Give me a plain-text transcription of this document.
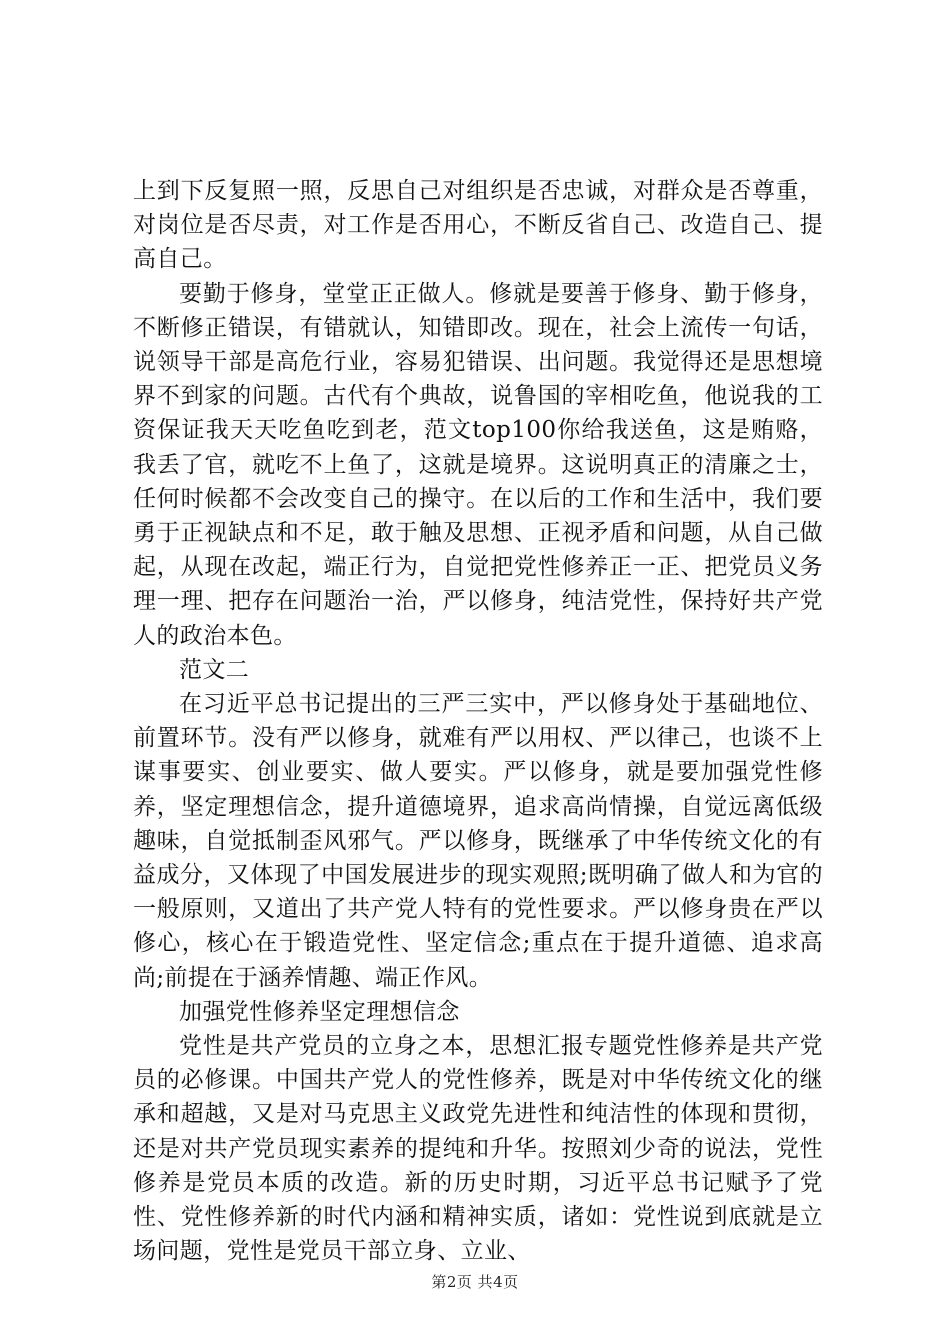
上到下反复照一照，反思自己对组织是否忠诚，对群众是否尊重，对岗位是否尽责，对工作是否用心，不断反省自己、改造自己、提高自己。

要勤于修身，堂堂正正做人。修就是要善于修身、勤于修身，不断修正错误，有错就认，知错即改。现在，社会上流传一句话，说领导干部是高危行业，容易犯错误、出问题。我觉得还是思想境界不到家的问题。古代有个典故，说鲁国的宰相吃鱼，他说我的工资保证我天天吃鱼吃到老，范文top100你给我送鱼，这是贿赂，我丢了官，就吃不上鱼了，这就是境界。这说明真正的清廉之士，任何时候都不会改变自己的操守。在以后的工作和生活中，我们要勇于正视缺点和不足，敢于触及思想、正视矛盾和问题，从自己做起，从现在改起，端正行为，自觉把党性修养正一正、把党员义务理一理、把存在问题治一治，严以修身，纯洁党性，保持好共产党人的政治本色。

范文二

在习近平总书记提出的三严三实中，严以修身处于基础地位、前置环节。没有严以修身，就难有严以用权、严以律己，也谈不上谋事要实、创业要实、做人要实。严以修身，就是要加强党性修养，坚定理想信念，提升道德境界，追求高尚情操，自觉远离低级趣味，自觉抵制歪风邪气。严以修身，既继承了中华传统文化的有益成分，又体现了中国发展进步的现实观照;既明确了做人和为官的一般原则，又道出了共产党人特有的党性要求。严以修身贵在严以修心，核心在于锻造党性、坚定信念;重点在于提升道德、追求高尚;前提在于涵养情趣、端正作风。

加强党性修养坚定理想信念

党性是共产党员的立身之本，思想汇报专题党性修养是共产党员的必修课。中国共产党人的党性修养，既是对中华传统文化的继承和超越，又是对马克思主义政党先进性和纯洁性的体现和贯彻，还是对共产党员现实素养的提纯和升华。按照刘少奇的说法，党性修养是党员本质的改造。新的历史时期，习近平总书记赋予了党性、党性修养新的时代内涵和精神实质，诸如：党性说到底就是立场问题，党性是党员干部立身、立业、

第2页 共4页
